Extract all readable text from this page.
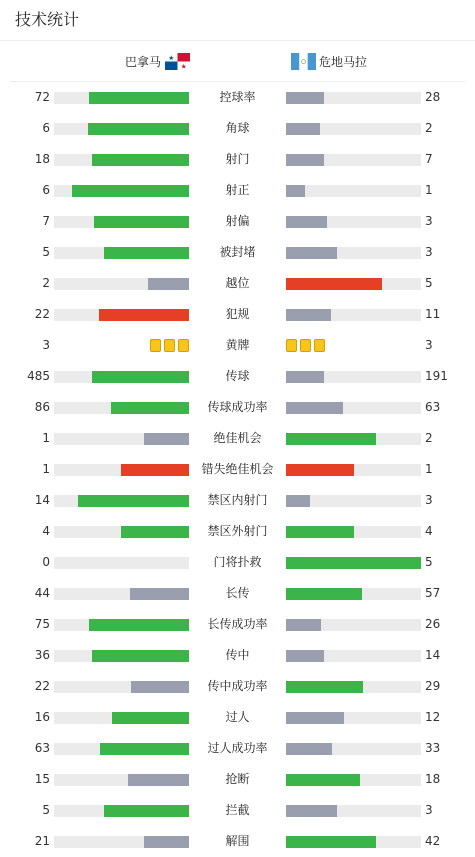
技术统计
巴拿马	危地马拉
72	控球率	28
6	角球	2
18	射门	7
6	射正	1
7	射偏	3
5	被封堵	3
2	越位	5
22	犯规	11
3	黄牌	3
485	传球	191
86	传球成功率	63
1	绝佳机会	2
1	错失绝佳机会	1
14	禁区内射门	3
4	禁区外射门	4
0	门将扑救	5
44	长传	57
75	长传成功率	26
36	传中	14
22	传中成功率	29
16	过人	12
63	过人成功率	33
15	抢断	18
5	拦截	3
21	解围	42
